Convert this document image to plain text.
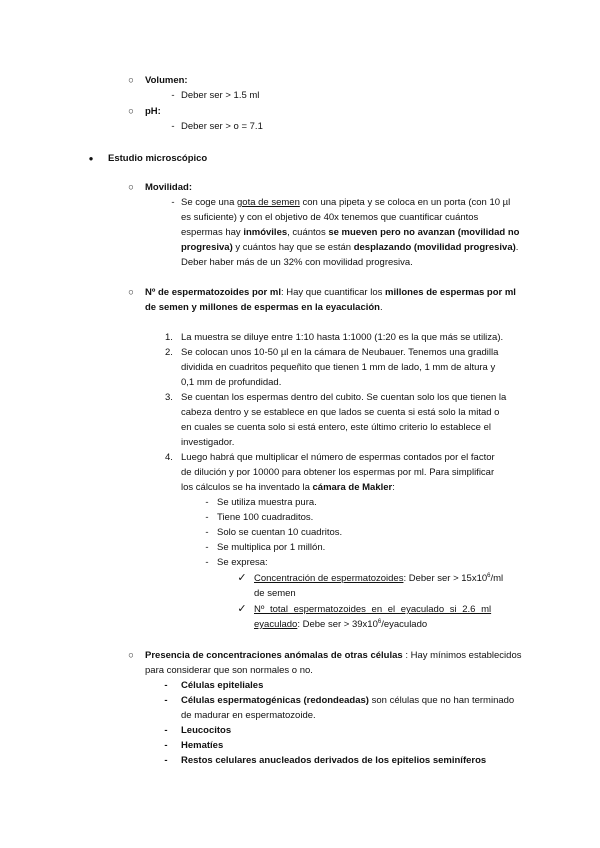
○ Volumen:
- Deber ser > 1.5 ml
○ pH:
- Deber ser > o = 7.1
● Estudio microscópico
○ Movilidad:
- Se coge una gota de semen con una pipeta y se coloca en un porta (con 10 µl
es suficiente) y con el objetivo de 40x tenemos que cuantificar cuántos
espermas hay inmóviles, cuántos se mueven pero no avanzan (movilidad no
progresiva) y cuántos hay que se están desplazando (movilidad progresiva).
Deber haber más de un 32% con movilidad progresiva.
○ Nº de espermatozoides por ml: Hay que cuantificar los millones de espermas por ml
de semen y millones de espermas en la eyaculación.
1. La muestra se diluye entre 1:10 hasta 1:1000 (1:20 es la que más se utiliza).
2. Se colocan unos 10-50 µl en la cámara de Neubauer. Tenemos una gradilla
dividida en cuadritos pequeñito que tienen 1 mm de lado, 1 mm de altura y
0,1 mm de profundidad.
3. Se cuentan los espermas dentro del cubito. Se cuentan solo los que tienen la
cabeza dentro y se establece en que lados se cuenta si está solo la mitad o
en cuales se cuenta solo si está entero, este último criterio lo establece el
investigador.
4. Luego habrá que multiplicar el número de espermas contados por el factor
de dilución y por 10000 para obtener los espermas por ml. Para simplificar
los cálculos se ha inventado la cámara de Makler:
- Se utiliza muestra pura.
- Tiene 100 cuadraditos.
- Solo se cuentan 10 cuadritos.
- Se multiplica por 1 millón.
- Se expresa:
✓ Concentración de espermatozoides: Deber ser > $15x10^6/ml$
de semen
✓ Nº total espermatozoides en el eyaculado si 2.6 ml
eyaculado: Debe ser > $39x10^6$/eyaculado
○ Presencia de concentraciones anómalas de otras células : Hay mínimos establecidos
para considerar que son normales o no.
- Células epiteliales
- Células espermatogénicas (redondeadas) son células que no han terminado
de madurar en espermatozoide.
- Leucocitos
- Hematíes
- Restos celulares anucleados derivados de los epitelios seminíferos
